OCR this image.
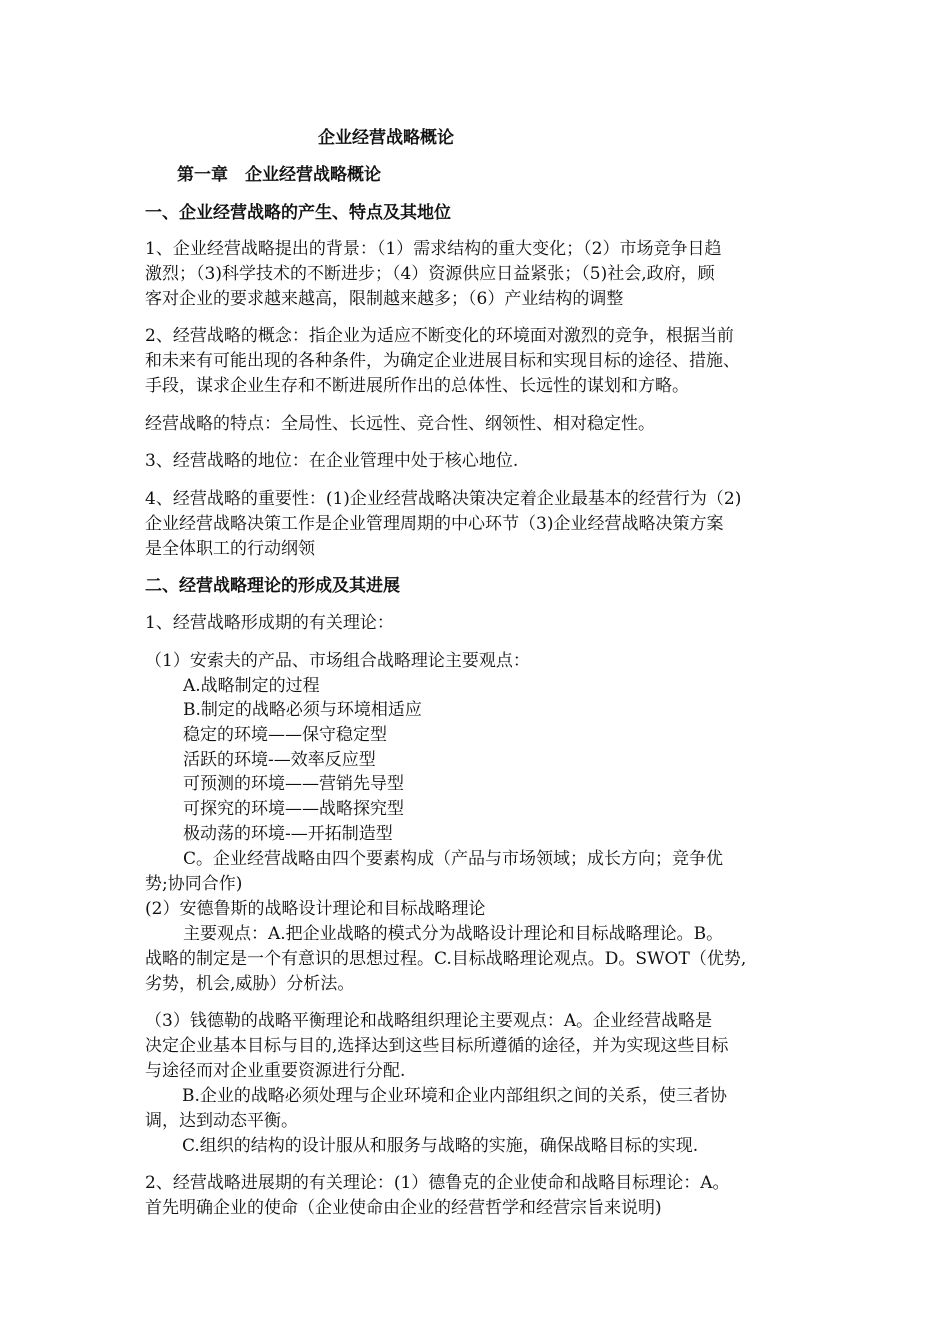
企业经营战略概论
第一章　企业经营战略概论
一、企业经营战略的产生、特点及其地位
1、企业经营战略提出的背景：（1）需求结构的重大变化；（2）市场竞争日趋
激烈；（3)科学技术的不断进步；（4）资源供应日益紧张；（5)社会,政府，顾
客对企业的要求越来越高，限制越来越多；（6）产业结构的调整
2、经营战略的概念：指企业为适应不断变化的环境面对激烈的竞争，根据当前
和未来有可能出现的各种条件，为确定企业进展目标和实现目标的途径、措施、
手段，谋求企业生存和不断进展所作出的总体性、长远性的谋划和方略。
经营战略的特点：全局性、长远性、竞合性、纲领性、相对稳定性。
3、经营战略的地位：在企业管理中处于核心地位.
4、经营战略的重要性：(1)企业经营战略决策决定着企业最基本的经营行为（2)
企业经营战略决策工作是企业管理周期的中心环节（3)企业经营战略决策方案
是全体职工的行动纲领
二、经营战略理论的形成及其进展
1、经营战略形成期的有关理论：
（1）安索夫的产品、市场组合战略理论主要观点：
A.战略制定的过程
B.制定的战略必须与环境相适应
稳定的环境——保守稳定型
活跃的环境-—效率反应型
可预测的环境——营销先导型
可探究的环境——战略探究型
极动荡的环境-—开拓制造型
C。企业经营战略由四个要素构成（产品与市场领域；成长方向；竞争优
势;协同合作)
(2）安德鲁斯的战略设计理论和目标战略理论
主要观点：A.把企业战略的模式分为战略设计理论和目标战略理论。B。
战略的制定是一个有意识的思想过程。C.目标战略理论观点。D。SWOT（优势,
劣势，机会,威胁）分析法。
（3）钱德勒的战略平衡理论和战略组织理论主要观点：A。企业经营战略是
决定企业基本目标与目的,选择达到这些目标所遵循的途径，并为实现这些目标
与途径而对企业重要资源进行分配.
B.企业的战略必须处理与企业环境和企业内部组织之间的关系，使三者协
调，达到动态平衡。
C.组织的结构的设计服从和服务与战略的实施，确保战略目标的实现.
2、经营战略进展期的有关理论：(1）德鲁克的企业使命和战略目标理论：A。
首先明确企业的使命（企业使命由企业的经营哲学和经营宗旨来说明)
